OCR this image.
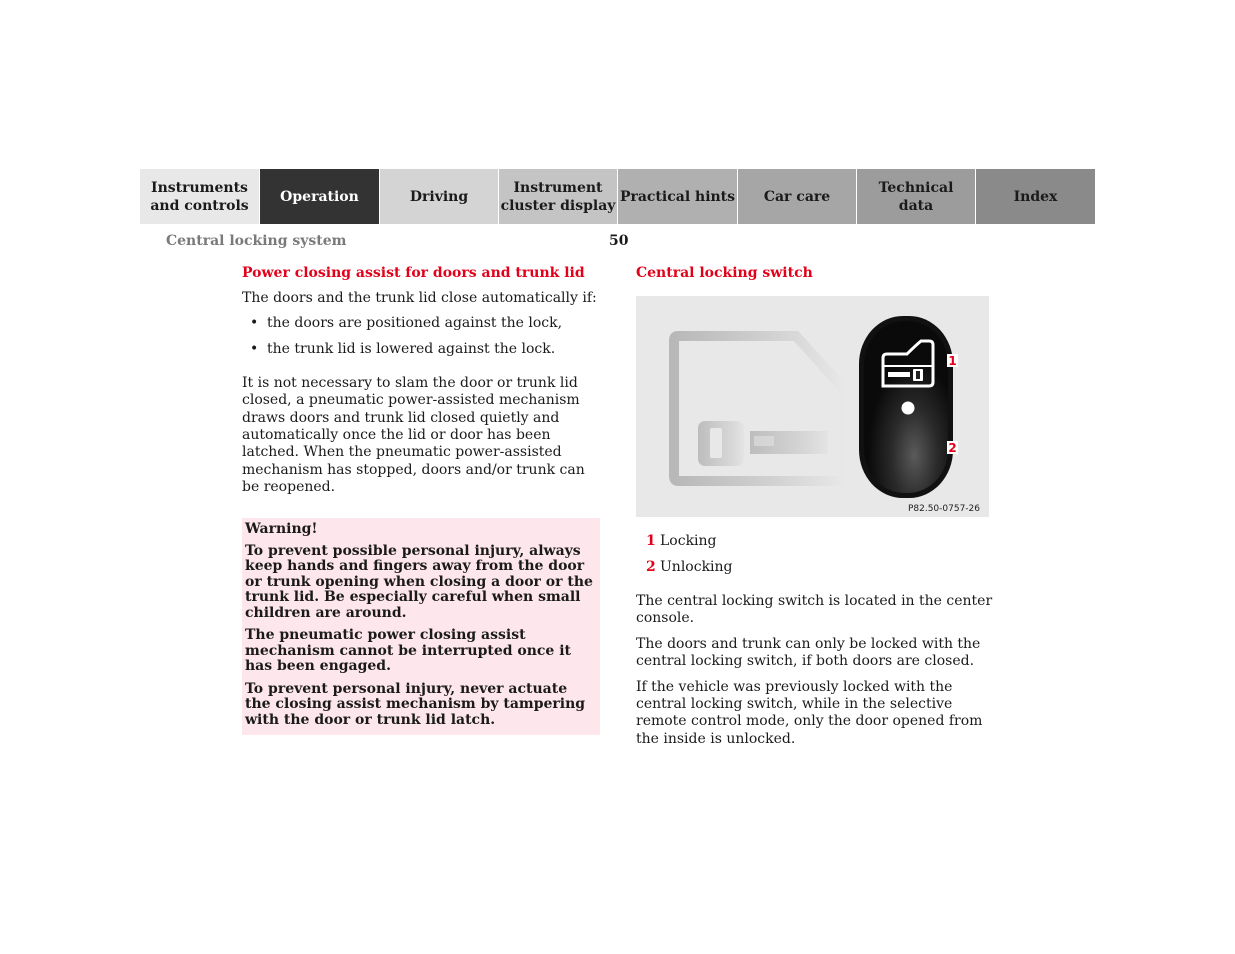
Instruments
and controls
Operation	Driving
Instrument
cluster display
Practical hints	Car care
Technical
data
Index
Central locking system	50
Power closing assist for doors and trunk lid

The doors and the trunk lid close automatically if:

• the doors are positioned against the lock,
• the trunk lid is lowered against the lock.

It is not necessary to slam the door or trunk lid closed, a pneumatic power-assisted mechanism draws doors and trunk lid closed quietly and automatically once the lid or door has been latched. When the pneumatic power-assisted mechanism has stopped, doors and/or trunk can be reopened.

Warning!

To prevent possible personal injury, always keep hands and fingers away from the door or trunk opening when closing a door or the trunk lid. Be especially careful when small children are around.

The pneumatic power closing assist mechanism cannot be interrupted once it has been engaged.

To prevent personal injury, never actuate the closing assist mechanism by tampering with the door or trunk lid latch.

Central locking switch
1
2
P82.50-0757-26
1 Locking
2 Unlocking

The central locking switch is located in the center console.

The doors and trunk can only be locked with the central locking switch, if both doors are closed.

If the vehicle was previously locked with the central locking switch, while in the selective remote control mode, only the door opened from the inside is unlocked.
